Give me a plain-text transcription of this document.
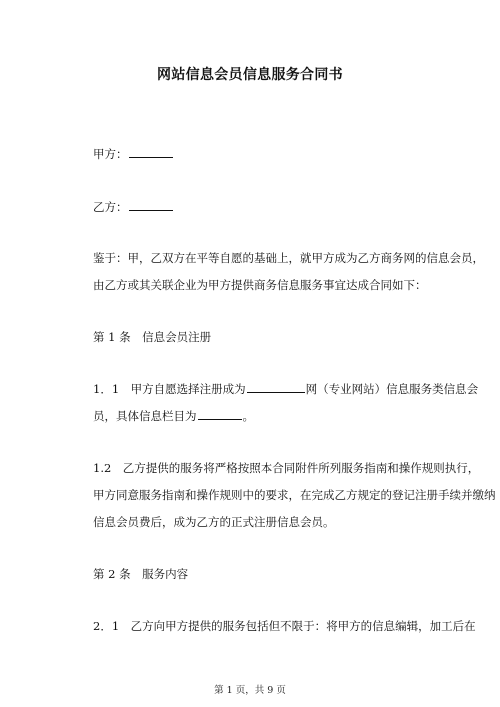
网站信息会员信息服务合同书
甲方：
乙方：
鉴于：甲，乙双方在平等自愿的基础上，就甲方成为乙方商务网的信息会员，
由乙方或其关联企业为甲方提供商务信息服务事宜达成合同如下：
第 1 条　信息会员注册
1．1　甲方自愿选择注册成为	网（专业网站）信息服务类信息会
员，具体信息栏目为	。
1.2　乙方提供的服务将严格按照本合同附件所列服务指南和操作规则执行，
甲方同意服务指南和操作规则中的要求，在完成乙方规定的登记注册手续并缴纳
信息会员费后，成为乙方的正式注册信息会员。
第 2 条　服务内容
2．1　乙方向甲方提供的服务包括但不限于：将甲方的信息编辑，加工后在
第 1 页，共 9 页
